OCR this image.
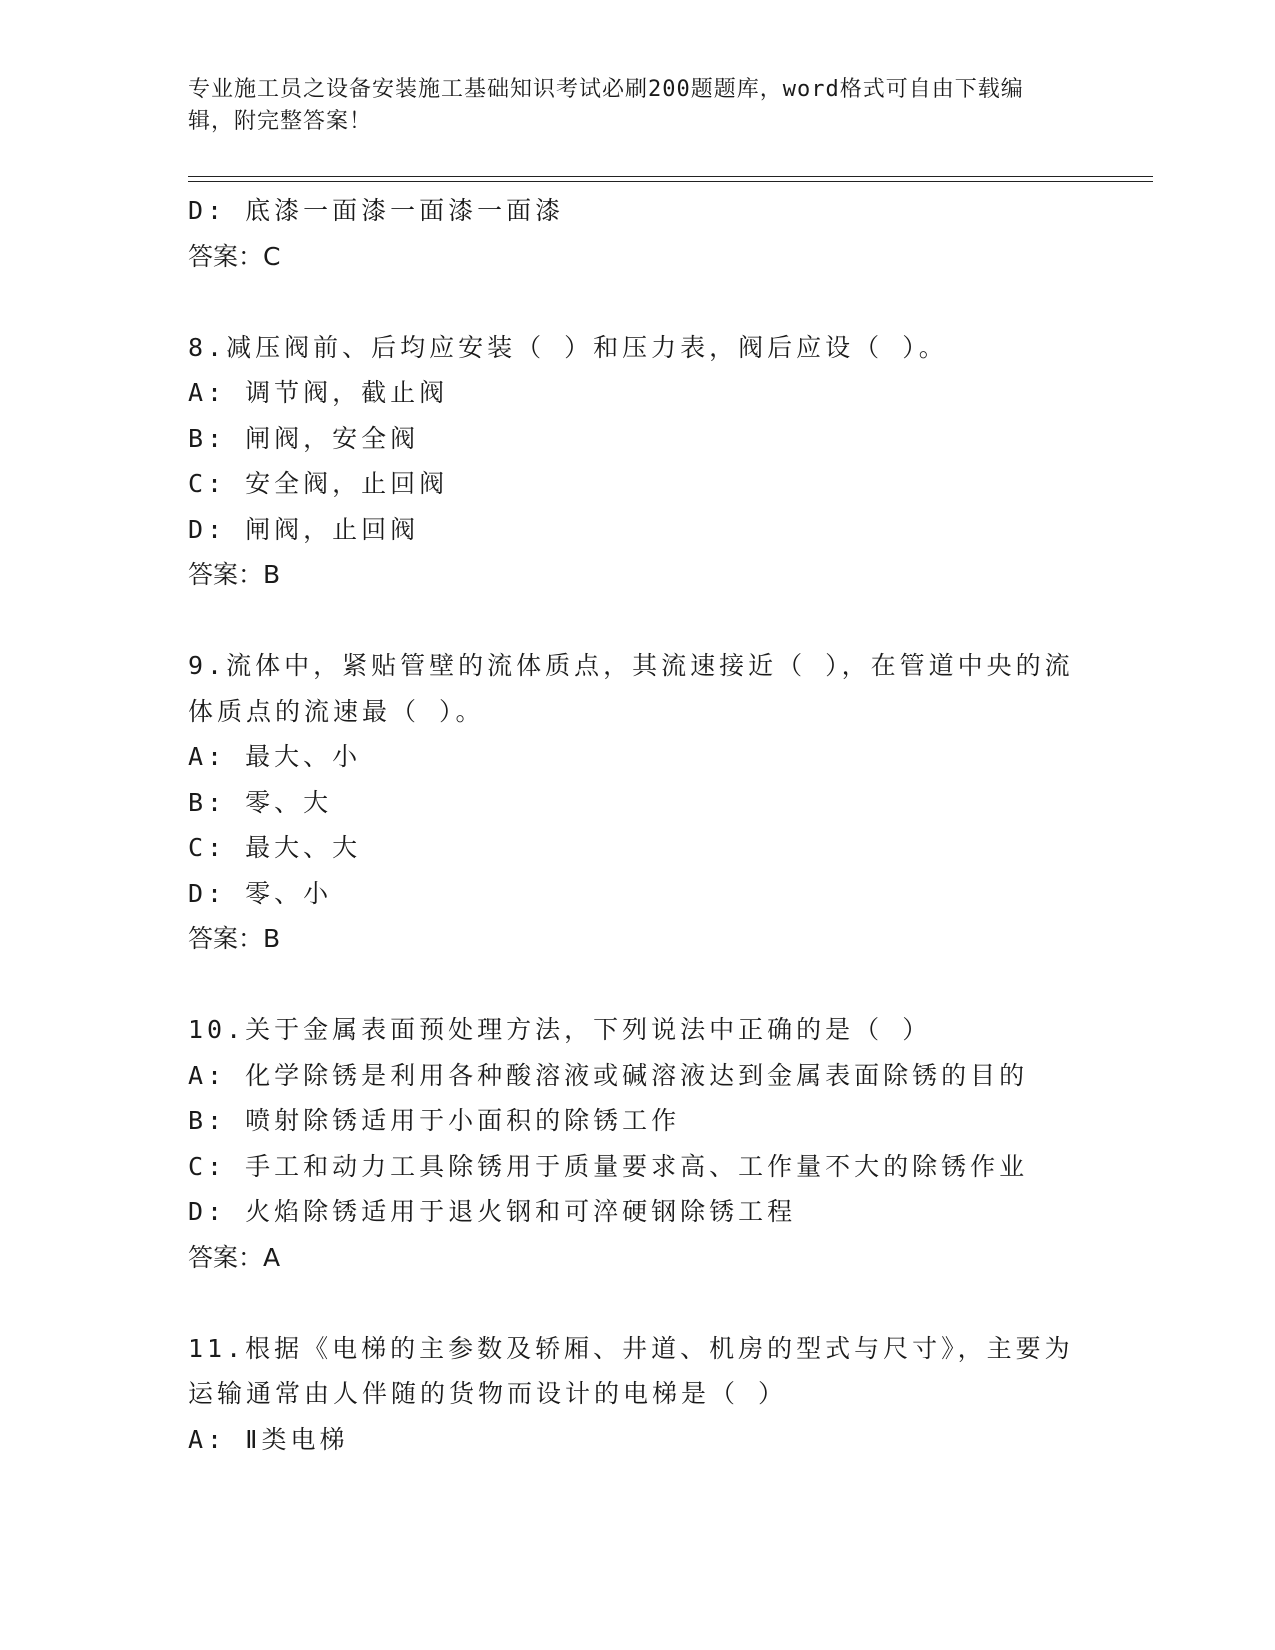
专业施工员之设备安装施工基础知识考试必刷200题题库，word格式可自由下载编辑，附完整答案！
D: 底漆一面漆一面漆一面漆
答案：C
8.减压阀前、后均应安装（ ）和压力表，阀后应设（ ）。
A: 调节阀，截止阀
B: 闸阀，安全阀
C: 安全阀，止回阀
D: 闸阀，止回阀
答案：B
9.流体中，紧贴管壁的流体质点，其流速接近（ ），在管道中央的流
体质点的流速最（ ）。
A: 最大、小
B: 零、大
C: 最大、大
D: 零、小
答案：B
10.关于金属表面预处理方法，下列说法中正确的是（ ）
A: 化学除锈是利用各种酸溶液或碱溶液达到金属表面除锈的目的
B: 喷射除锈适用于小面积的除锈工作
C: 手工和动力工具除锈用于质量要求高、工作量不大的除锈作业
D: 火焰除锈适用于退火钢和可淬硬钢除锈工程
答案：A
11.根据《电梯的主参数及轿厢、井道、机房的型式与尺寸》，主要为
运输通常由人伴随的货物而设计的电梯是（ ）
A: Ⅱ类电梯
